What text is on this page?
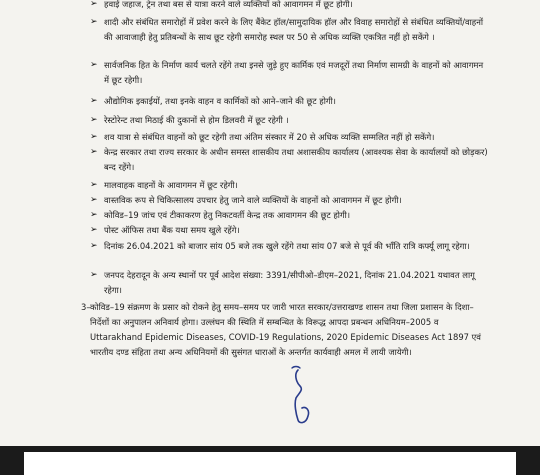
➢ हवाई जहाज, ट्रेन तथा बस से यात्रा करने वाले व्यक्तियों को आवागमन में छूट होगी।
➢ शादी और संबंधित समारोहों में प्रवेश करने के लिए बैंकेट हॉल/सामुदायिक हॉल और विवाह समारोहों से संबंधित व्यक्तियों/वाहनों की आवाजाही हेतु प्रतिबन्धों के साथ छूट रहेगी समारोह स्थल पर 50 से अधिक व्यक्ति एकत्रित नहीं हो सकेंगे ।
➢ सार्वजनिक हित के निर्माण कार्य चलते रहेंगे तथा इनसे जुड़े हुए कार्मिक एवं मजदूरों तथा निर्माण सामग्री के वाहनों को आवागमन में छूट रहेगी।
➢ औद्योगिक इकाईयों, तथा इनके वाहन व कार्मिकों को आने–जाने की छूट होगी।
➢ रेस्टोरेन्ट तथा मिठाई की दुकानों से होम डिलवरी में छूट रहेगी ।
➢ शव यात्रा से संबंधित वाहनों को छूट रहेगी तथा अंतिम संस्कार में 20 से अधिक व्यक्ति सम्मलित नहीं हो सकेंगे।
➢ केन्द्र सरकार तथा राज्य सरकार के अधीन समस्त शासकीय तथा अशासकीय कार्यालय (आवश्यक सेवा के कार्यालयों को छोड़कर) बन्द रहेंगे।
➢ मालवाहक वाहनों के आवागमन में छूट रहेगी।
➢ वास्तविक रूप से चिकित्सालय उपचार हेतु जाने वाले व्यक्तियों के वाहनों को आवागमन में छूट होगी।
➢ कोविड–19 जांच एवं टीकाकरण हेतु निकटवर्ती केन्द्र तक आवागमन की छूट होगी।
➢ पोस्ट ऑफिस तथा बैंक यथा समय खुले रहेंगे।
➢ दिनांक 26.04.2021 को बाजार सांय 05 बजे तक खुले रहेंगे तथा सांय 07 बजे से पूर्व की भाँति रात्रि कर्फ्यू लागू रहेगा।
➢ जनपद देहरादून के अन्य स्थानों पर पूर्व आदेश संख्या: 3391/सीपीओ–डीएम–2021, दिनांक 21.04.2021 यथावत लागू रहेगा।
3– कोविड–19 संक्रमण के प्रसार को रोकने हेतु समय–समय पर जारी भारत सरकार/उत्तराखण्ड शासन तथा जिला प्रशासन के दिशा–निर्देशों का अनुपालन अनिवार्य होगा। उल्लंघन की स्थिति में सम्बन्धित के विरूद्ध आपदा प्रबन्धन अधिनियम–2005 व Uttarakhand Epidemic Diseases, COVID-19 Regulations, 2020 Epidemic Diseases Act 1897 एवं भारतीय दण्ड संहिता तथा अन्य अधिनियमों की सुसंगत धाराओं के अन्तर्गत कार्यवाही अमल में लायी जायेगी।
